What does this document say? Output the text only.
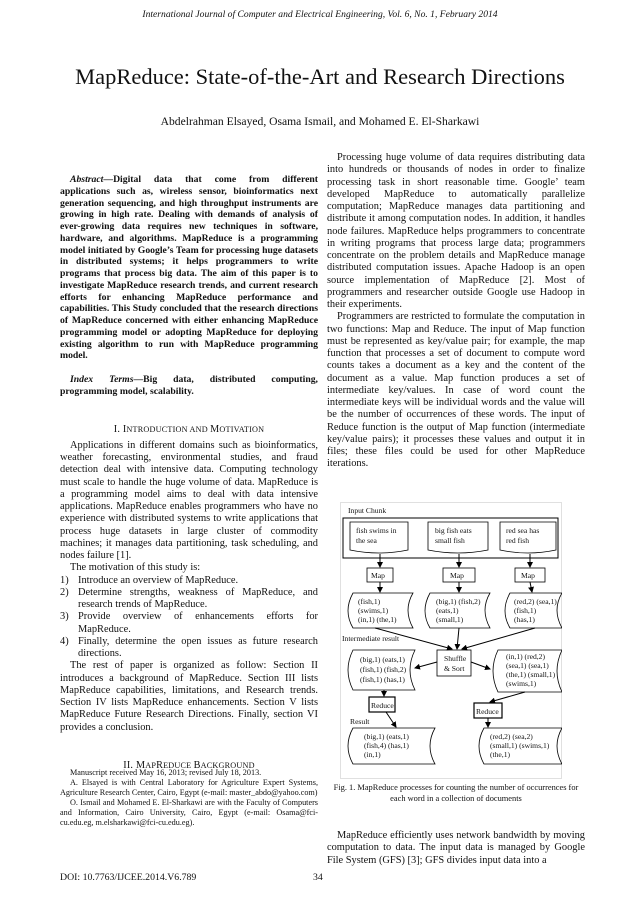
International Journal of Computer and Electrical Engineering, Vol. 6, No. 1, February 2014
MapReduce: State-of-the-Art and Research Directions
Abdelrahman Elsayed, Osama Ismail, and Mohamed E. El-Sharkawi

Abstract—Digital data that come from different applications such as, wireless sensor, bioinformatics next generation sequencing, and high throughput instruments are growing in high rate. Dealing with demands of analysis of ever-growing data requires new techniques in software, hardware, and algorithms. MapReduce is a programming model initiated by Google’s Team for processing huge datasets in distributed systems; it helps programmers to write programs that process big data. The aim of this paper is to investigate MapReduce research trends, and current research efforts for enhancing MapReduce performance and capabilities. This Study concluded that the research directions of MapReduce concerned with either enhancing MapReduce programming model or adopting MapReduce for deploying existing algorithm to run with MapReduce programming model.

Index Terms—Big data, distributed computing, programming model, scalability.

I. INTRODUCTION AND MOTIVATION

Applications in different domains such as bioinformatics, weather forecasting, environmental studies, and fraud detection deal with intensive data. Computing technology must scale to handle the huge volume of data. MapReduce is a programming model aims to deal with data intensive applications. MapReduce enables programmers who have no experience with distributed systems to write applications that process huge datasets in large cluster of commodity machines; it manages data partitioning, task scheduling, and nodes failure [1].

The motivation of this study is:

1) Introduce an overview of MapReduce.
2) Determine strengths, weakness of MapReduce, and research trends of MapReduce.
3) Provide overview of enhancements efforts for MapReduce.
4) Finally, determine the open issues as future research directions.

The rest of paper is organized as follow: Section II introduces a background of MapReduce. Section III lists MapReduce capabilities, limitations, and Research trends. Section IV lists MapReduce enhancements. Section V lists MapReduce Future Research Directions. Finally, section VI provides a conclusion.

II. MAPREDUCE BACKGROUND

Manuscript received May 16, 2013; revised July 18, 2013.

A. Elsayed is with Central Laboratory for Agriculture Expert Systems, Agriculture Research Center, Cairo, Egypt (e-mail: master_abdo@yahoo.com)

O. Ismail and Mohamed E. El-Sharkawi are with the Faculty of Computers and Information, Cairo University, Cairo, Egypt (e-mail: Osama@fci-cu.edu.eg, m.elsharkawi@fci-cu.edu.eg).

DOI: 10.7763/IJCEE.2014.V6.789	34

Processing huge volume of data requires distributing data into hundreds or thousands of nodes in order to finalize processing task in short reasonable time. Google’ team developed MapReduce to automatically parallelize computation; MapReduce manages data partitioning and distribute it among computation nodes. In addition, it handles node failures. MapReduce helps programmers to concentrate in writing programs that process large data; programmers concentrate on the problem details and MapReduce manage distributed computation issues. Apache Hadoop is an open source implementation of MapReduce [2]. Most of programmers and researcher outside Google use Hadoop in their experiments.

Programmers are restricted to formulate the computation in two functions: Map and Reduce. The input of Map function must be represented as key/value pair; for example, the map function that processes a set of document to compute word counts takes a document as a key and the content of the document as a value. Map function produces a set of intermediate key/values. In case of word count the intermediate keys will be individual words and the value will be the number of occurrences of these words. The input of Reduce function is the output of Map function (intermediate key/value pairs); it processes these values and output it in files; these files could be used for other MapReduce iterations.

Input Chunk
fish swims in
the sea
big fish eats
small fish
red sea has
red fish
Map	Map	Map
(fish,1)
(swims,1)
(in,1) (the,1)
(big,1) (fish,2)
(eats,1)
(small,1)
(red,2) (sea,1)
(fish,1)
(has,1)
Intermediate result
Shuffle
& Sort
(big,1) (eats,1)
(fish,1) (fish,2)
(fish,1) (has,1)
(in,1) (red,2)
(sea,1) (sea,1)
(the,1) (small,1)
(swims,1)
Reduce
Reduce
Result
(big,1) (eats,1)
(fish,4) (has,1)
(in,1)
(red,2) (sea,2)
(small,1) (swims,1)
(the,1)
Fig. 1. MapReduce processes for counting the number of occurrences for
each word in a collection of documents

MapReduce efficiently uses network bandwidth by moving computation to data. The input data is managed by Google File System (GFS) [3]; GFS divides input data into a
